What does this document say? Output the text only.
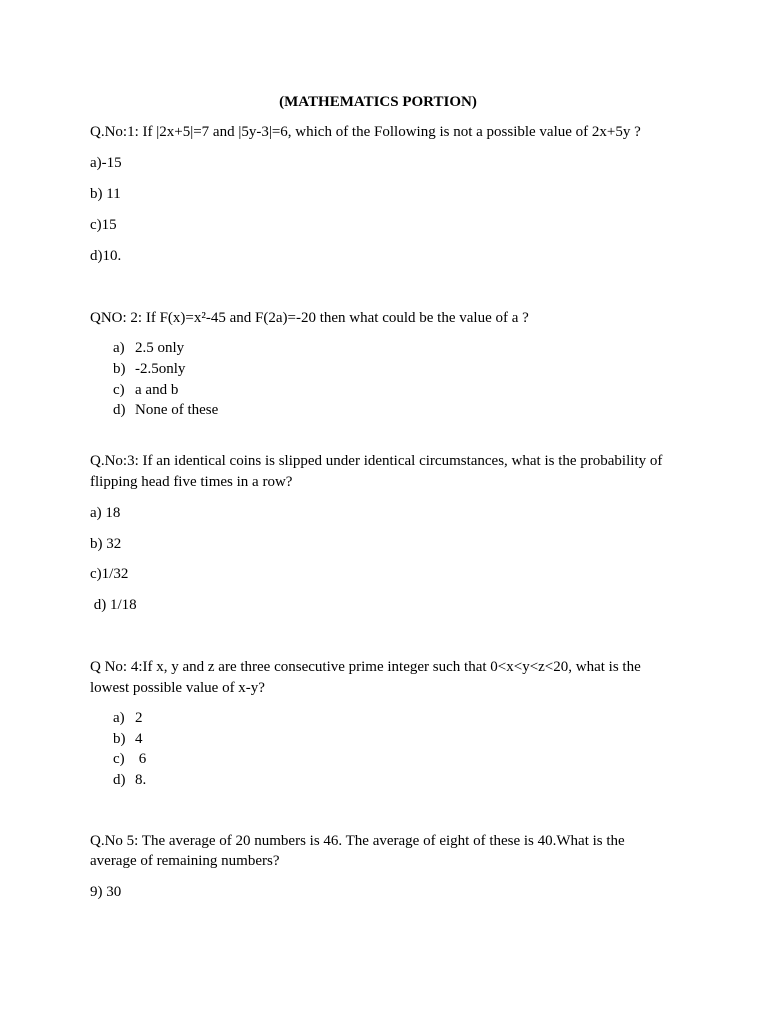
(MATHEMATICS PORTION)
Q.No:1: If |2x+5|=7 and |5y-3|=6, which of the Following is not a possible value of 2x+5y ?
a)-15
b) 11
c)15
d)10.
QNO: 2: If F(x)=x²-45 and F(2a)=-20 then what could be the value of a ?
a) 2.5 only
b) -2.5only
c) a and b
d) None of these
Q.No:3: If an identical coins is slipped under identical circumstances, what is the probability of
flipping head five times in a row?
a) 18
b) 32
c)1/32
d) 1/18
Q No: 4:If x, y and z are three consecutive prime integer such that 0<x<y<z<20, what is the
lowest possible value of x-y?
a) 2
b) 4
c) 6
d) 8.
Q.No 5: The average of 20 numbers is 46. The average of eight of these is 40.What is the
average of remaining numbers?
9) 30
